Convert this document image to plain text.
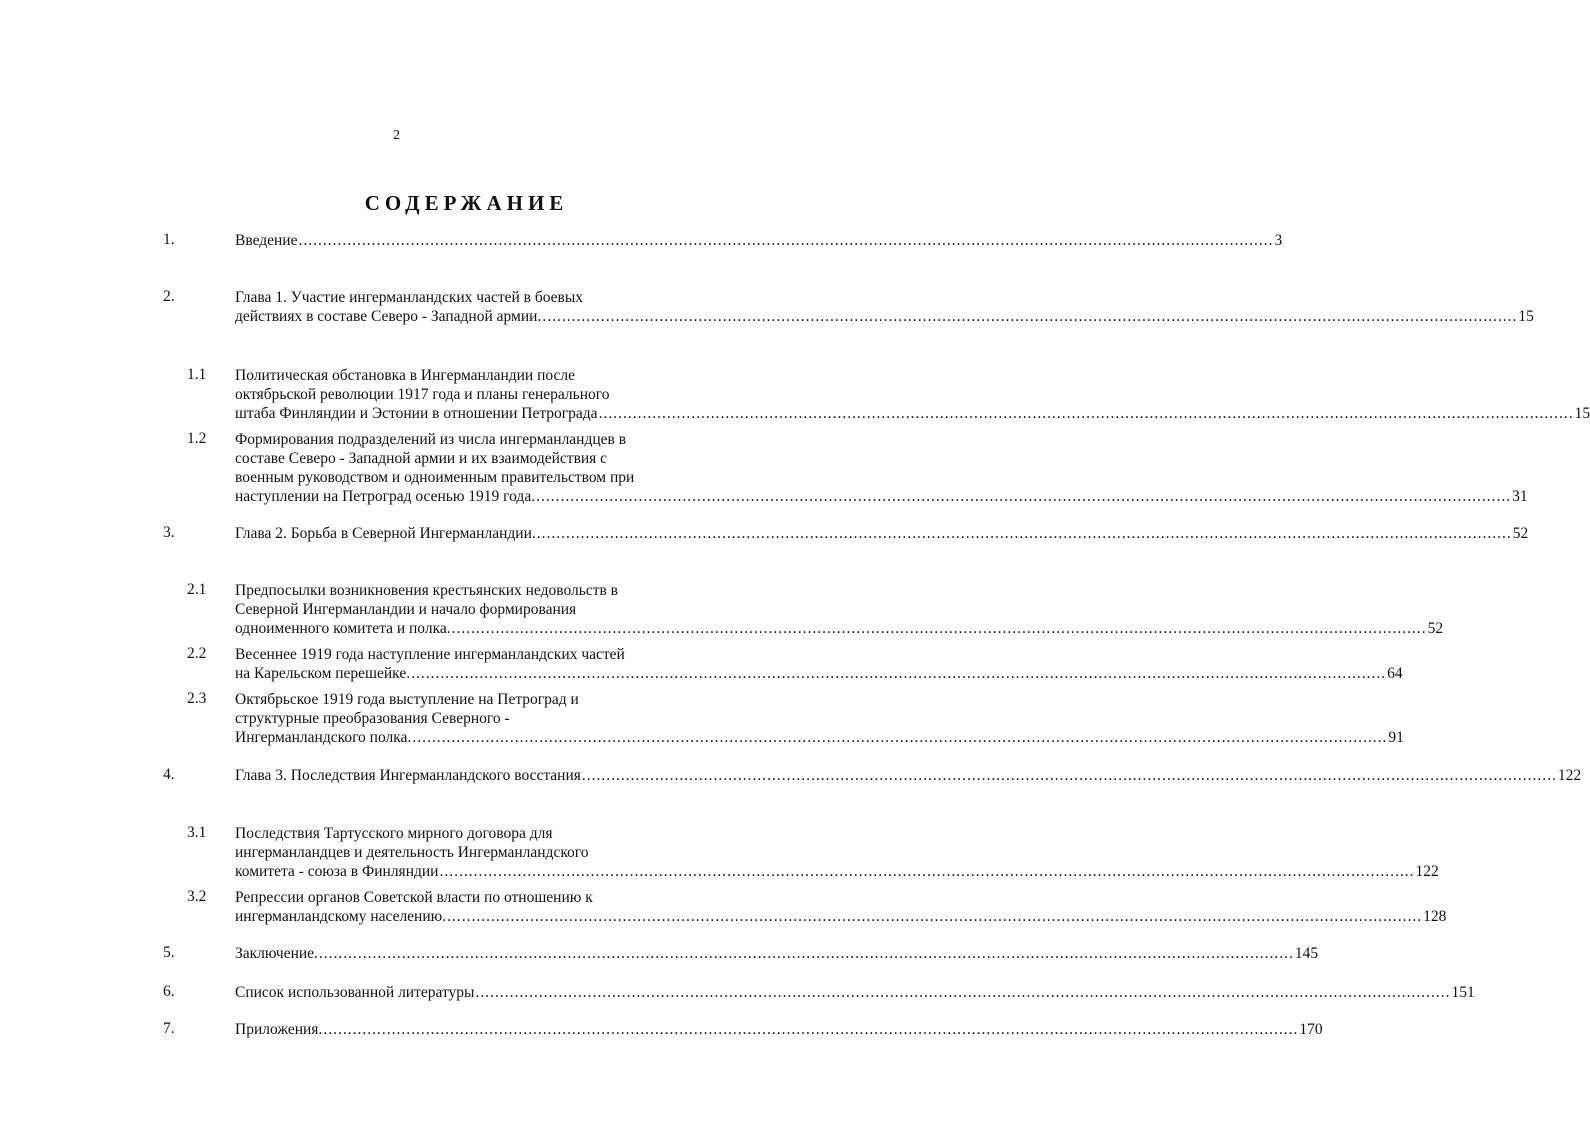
2
СОДЕРЖАНИЕ
1.	Введение ........................................................................................................................................................................................................ 3
2.	Глава 1. Участие ингерманландских частей в боевых
действиях в составе Северо - Западной армии. ........................................................................................................................................................................................................ 15
1.1 Политическая обстановка в Ингерманландии после
октябрьской революции 1917 года и планы генерального
штаба Финляндии и Эстонии в отношении Петрограда ........................................................................................................................................................................................................ 15
1.2 Формирования подразделений из числа ингерманландцев в
составе Северо - Западной армии и их взаимодействия с
военным руководством и одноименным правительством при
наступлении на Петроград осенью 1919 года. ........................................................................................................................................................................................................ 31
3.	Глава 2. Борьба в Северной Ингерманландии. ........................................................................................................................................................................................................ 52
2.1 Предпосылки возникновения крестьянских недовольств в
Северной Ингерманландии и начало формирования
одноименного комитета и полка. ........................................................................................................................................................................................................ 52
2.2 Весеннее 1919 года наступление ингерманландских частей
на Карельском перешейке. ........................................................................................................................................................................................................ 64
2.3 Октябрьское 1919 года выступление на Петроград и
структурные преобразования Северного -
Ингерманландского полка. ........................................................................................................................................................................................................ 91
4.	Глава 3. Последствия Ингерманландского восстания ........................................................................................................................................................................................................ 122
3.1 Последствия Тартусского мирного договора для
ингерманландцев и деятельность Ингерманландского
комитета - союза в Финляндии ........................................................................................................................................................................................................ 122
3.2 Репрессии органов Советской власти по отношению к
ингерманландскому населению. ........................................................................................................................................................................................................ 128
5.	Заключение. ........................................................................................................................................................................................................ 145
6.	Список использованной литературы ........................................................................................................................................................................................................ 151
7.	Приложения. ........................................................................................................................................................................................................ 170
